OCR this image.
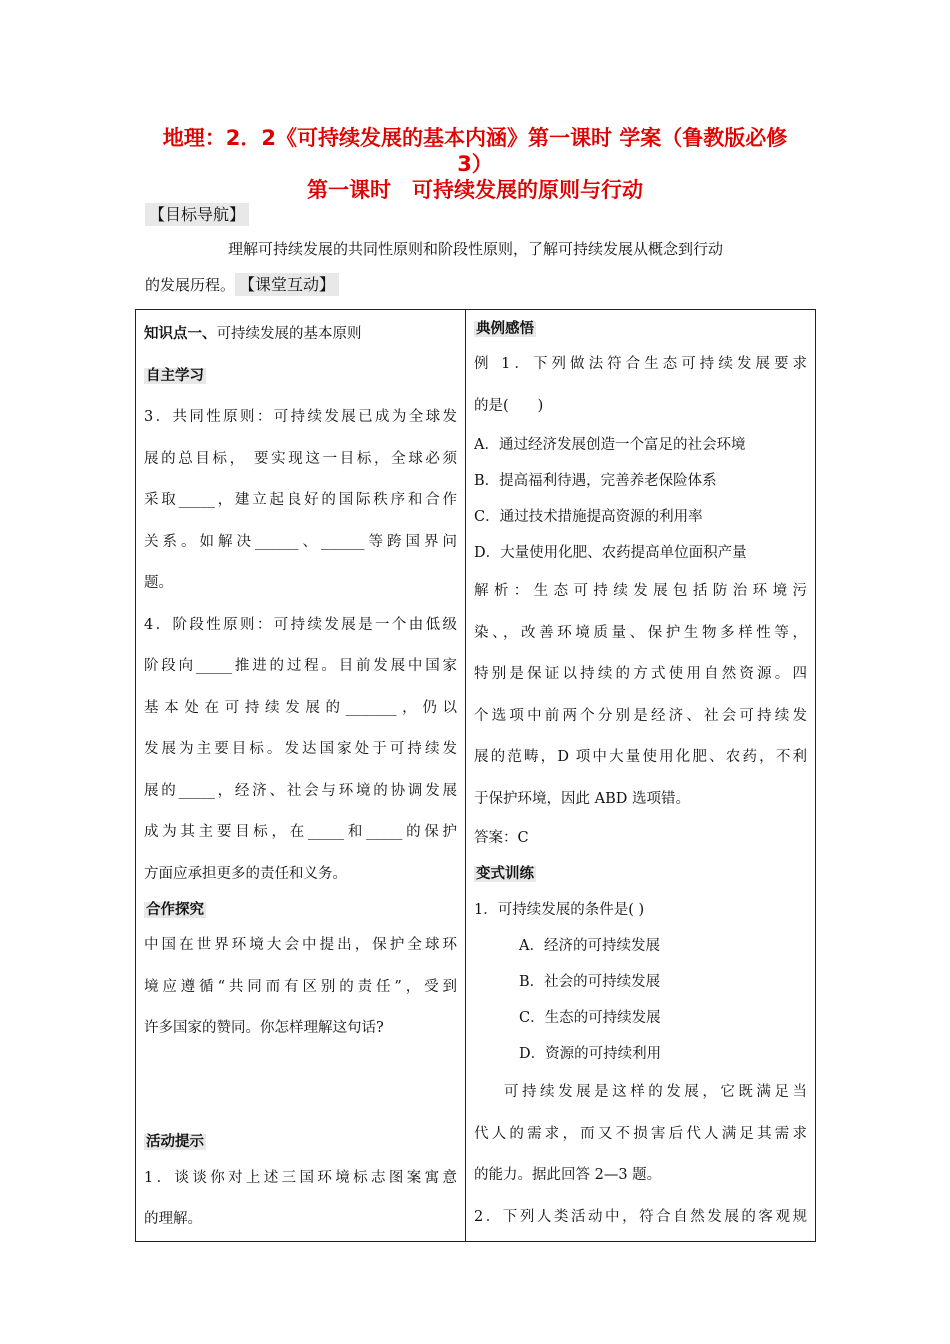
地理：2．2《可持续发展的基本内涵》第一课时 学案（鲁教版必修
3）
第一课时　可持续发展的原则与行动
【目标导航】
理解可持续发展的共同性原则和阶段性原则，了解可持续发展从概念到行动
的发展历程。 【课堂互动】
知识点一、可持续发展的基本原则
自主学习
3．共同性原则：可持续发展已成为全球发
展的总目标， 要实现这一目标，全球必须
采取_____，建立起良好的国际秩序和合作
关系。如解决______、______等跨国界问
题。
4．阶段性原则：可持续发展是一个由低级
阶段向_____推进的过程。目前发展中国家
基本处在可持续发展的_______，仍以
发展为主要目标。发达国家处于可持续发
展的_____，经济、社会与环境的协调发展
成为其主要目标，在_____和_____的保护
方面应承担更多的责任和义务。
合作探究
中国在世界环境大会中提出，保护全球环
境应遵循“共同而有区别的责任”，受到
许多国家的赞同。你怎样理解这句话?
活动提示
1．谈谈你对上述三国环境标志图案寓意
的理解。

典例感悟
例 1．下列做法符合生态可持续发展要求
的是(　　)
A．通过经济发展创造一个富足的社会环境
B．提高福利待遇，完善养老保险体系
C．通过技术措施提高资源的利用率
D．大量使用化肥、农药提高单位面积产量
解析：生态可持续发展包括防治环境污
染、，改善环境质量、保护生物多样性等，
特别是保证以持续的方式使用自然资源。四
个选项中前两个分别是经济、社会可持续发
展的范畴，D 项中大量使用化肥、农药，不利
于保护环境，因此 ABD 选项错。
答案：C
变式训练
1．可持续发展的条件是( )
A．经济的可持续发展
B．社会的可持续发展
C．生态的可持续发展
D．资源的可持续利用
可持续发展是这样的发展，它既满足当
代人的需求，而又不损害后代人满足其需求
的能力。据此回答 2—3 题。
2．下列人类活动中，符合自然发展的客观规
